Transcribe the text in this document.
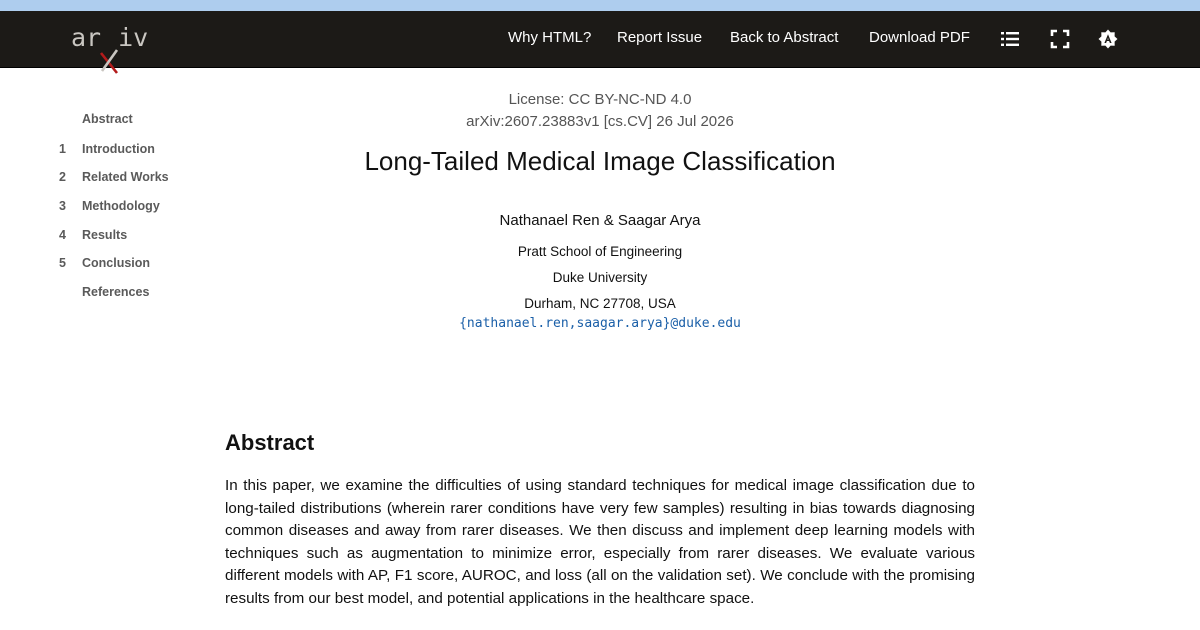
ar iv	Why HTML? Report Issue Back to Abstract Download PDF
Abstract
1	Introduction
2	Related Works
3	Methodology
4	Results
5	Conclusion
References
License: CC BY-NC-ND 4.0
arXiv:2607.23883v1 [cs.CV] 26 Jul 2026
Long-Tailed Medical Image Classification
Nathanael Ren & Saagar Arya
Pratt School of Engineering
Duke University
Durham, NC 27708, USA
{nathanael.ren,saagar.arya}@duke.edu
Abstract
In this paper, we examine the difficulties of using standard techniques for medical image classification due to long-tailed distributions (wherein rarer conditions have very few samples) resulting in bias towards diagnosing common diseases and away from rarer diseases. We then discuss and implement deep learning models with techniques such as augmentation to minimize error, especially from rarer diseases. We evaluate various different models with AP, F1 score, AUROC, and loss (all on the validation set). We conclude with the promising results from our best model, and potential applications in the healthcare space.
